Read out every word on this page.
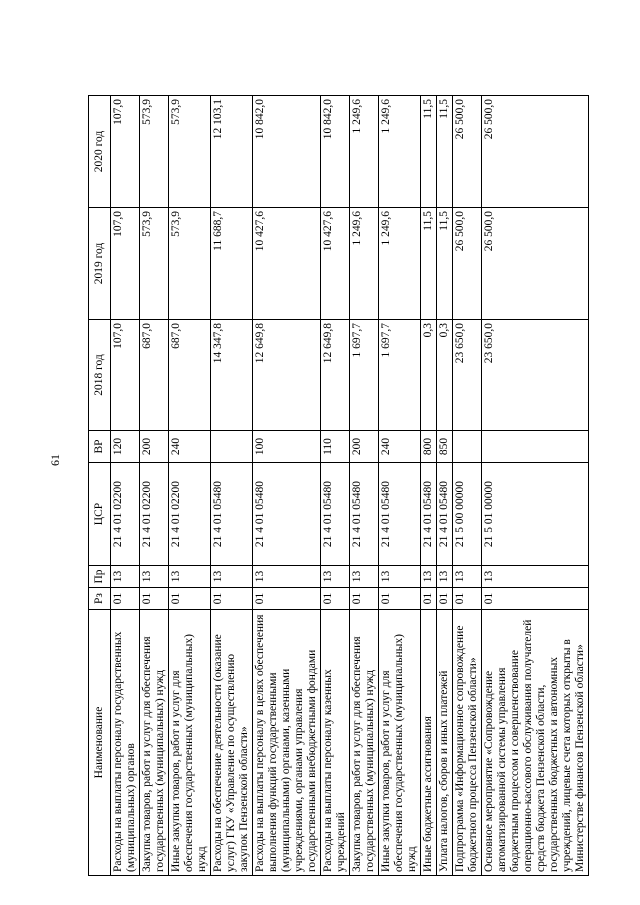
61
Наименование	Рз	Пр	ЦСР	ВР	2018 год	2019 год	2020 год
Расходы на выплаты персоналу государственных (муниципальных) органов	01	13	21 4 01 02200	120	107,0	107,0	107,0
Закупка товаров, работ и услуг для обеспечения государственных (муниципальных) нужд	01	13	21 4 01 02200	200	687,0	573,9	573,9
Иные закупки товаров, работ и услуг для обеспечения государственных (муниципальных) нужд	01	13	21 4 01 02200	240	687,0	573,9	573,9
Расходы на обеспечение деятельности (оказание услуг) ГКУ «Управление по осуществлению закупок Пензенской области»	01	13	21 4 01 05480		14 347,8	11 688,7	12 103,1
Расходы на выплаты персоналу в целях обеспечения выполнения функций государственными (муниципальными) органами, казенными учреждениями, органами управления государственными внебюджетными фондами	01	13	21 4 01 05480	100	12 649,8	10 427,6	10 842,0
Расходы на выплаты персоналу казенных учреждений	01	13	21 4 01 05480	110	12 649,8	10 427,6	10 842,0
Закупка товаров, работ и услуг для обеспечения государственных (муниципальных) нужд	01	13	21 4 01 05480	200	1 697,7	1 249,6	1 249,6
Иные закупки товаров, работ и услуг для обеспечения государственных (муниципальных) нужд	01	13	21 4 01 05480	240	1 697,7	1 249,6	1 249,6
Иные бюджетные ассигнования	01	13	21 4 01 05480	800	0,3	11,5	11,5
Уплата налогов, сборов и иных платежей	01	13	21 4 01 05480	850	0,3	11,5	11,5
Подпрограмма «Информационное сопровождение бюджетного процесса Пензенской области»	01	13	21 5 00 00000		23 650,0	26 500,0	26 500,0
Основное мероприятие «Сопровождение автоматизированной системы управления бюджетным процессом и совершенствование операционно-кассового обслуживания получателей средств бюджета Пензенской области, государственных бюджетных и автономных учреждений, лицевые счета которых открыты в Министерстве финансов Пензенской области»	01	13	21 5 01 00000		23 650,0	26 500,0	26 500,0
